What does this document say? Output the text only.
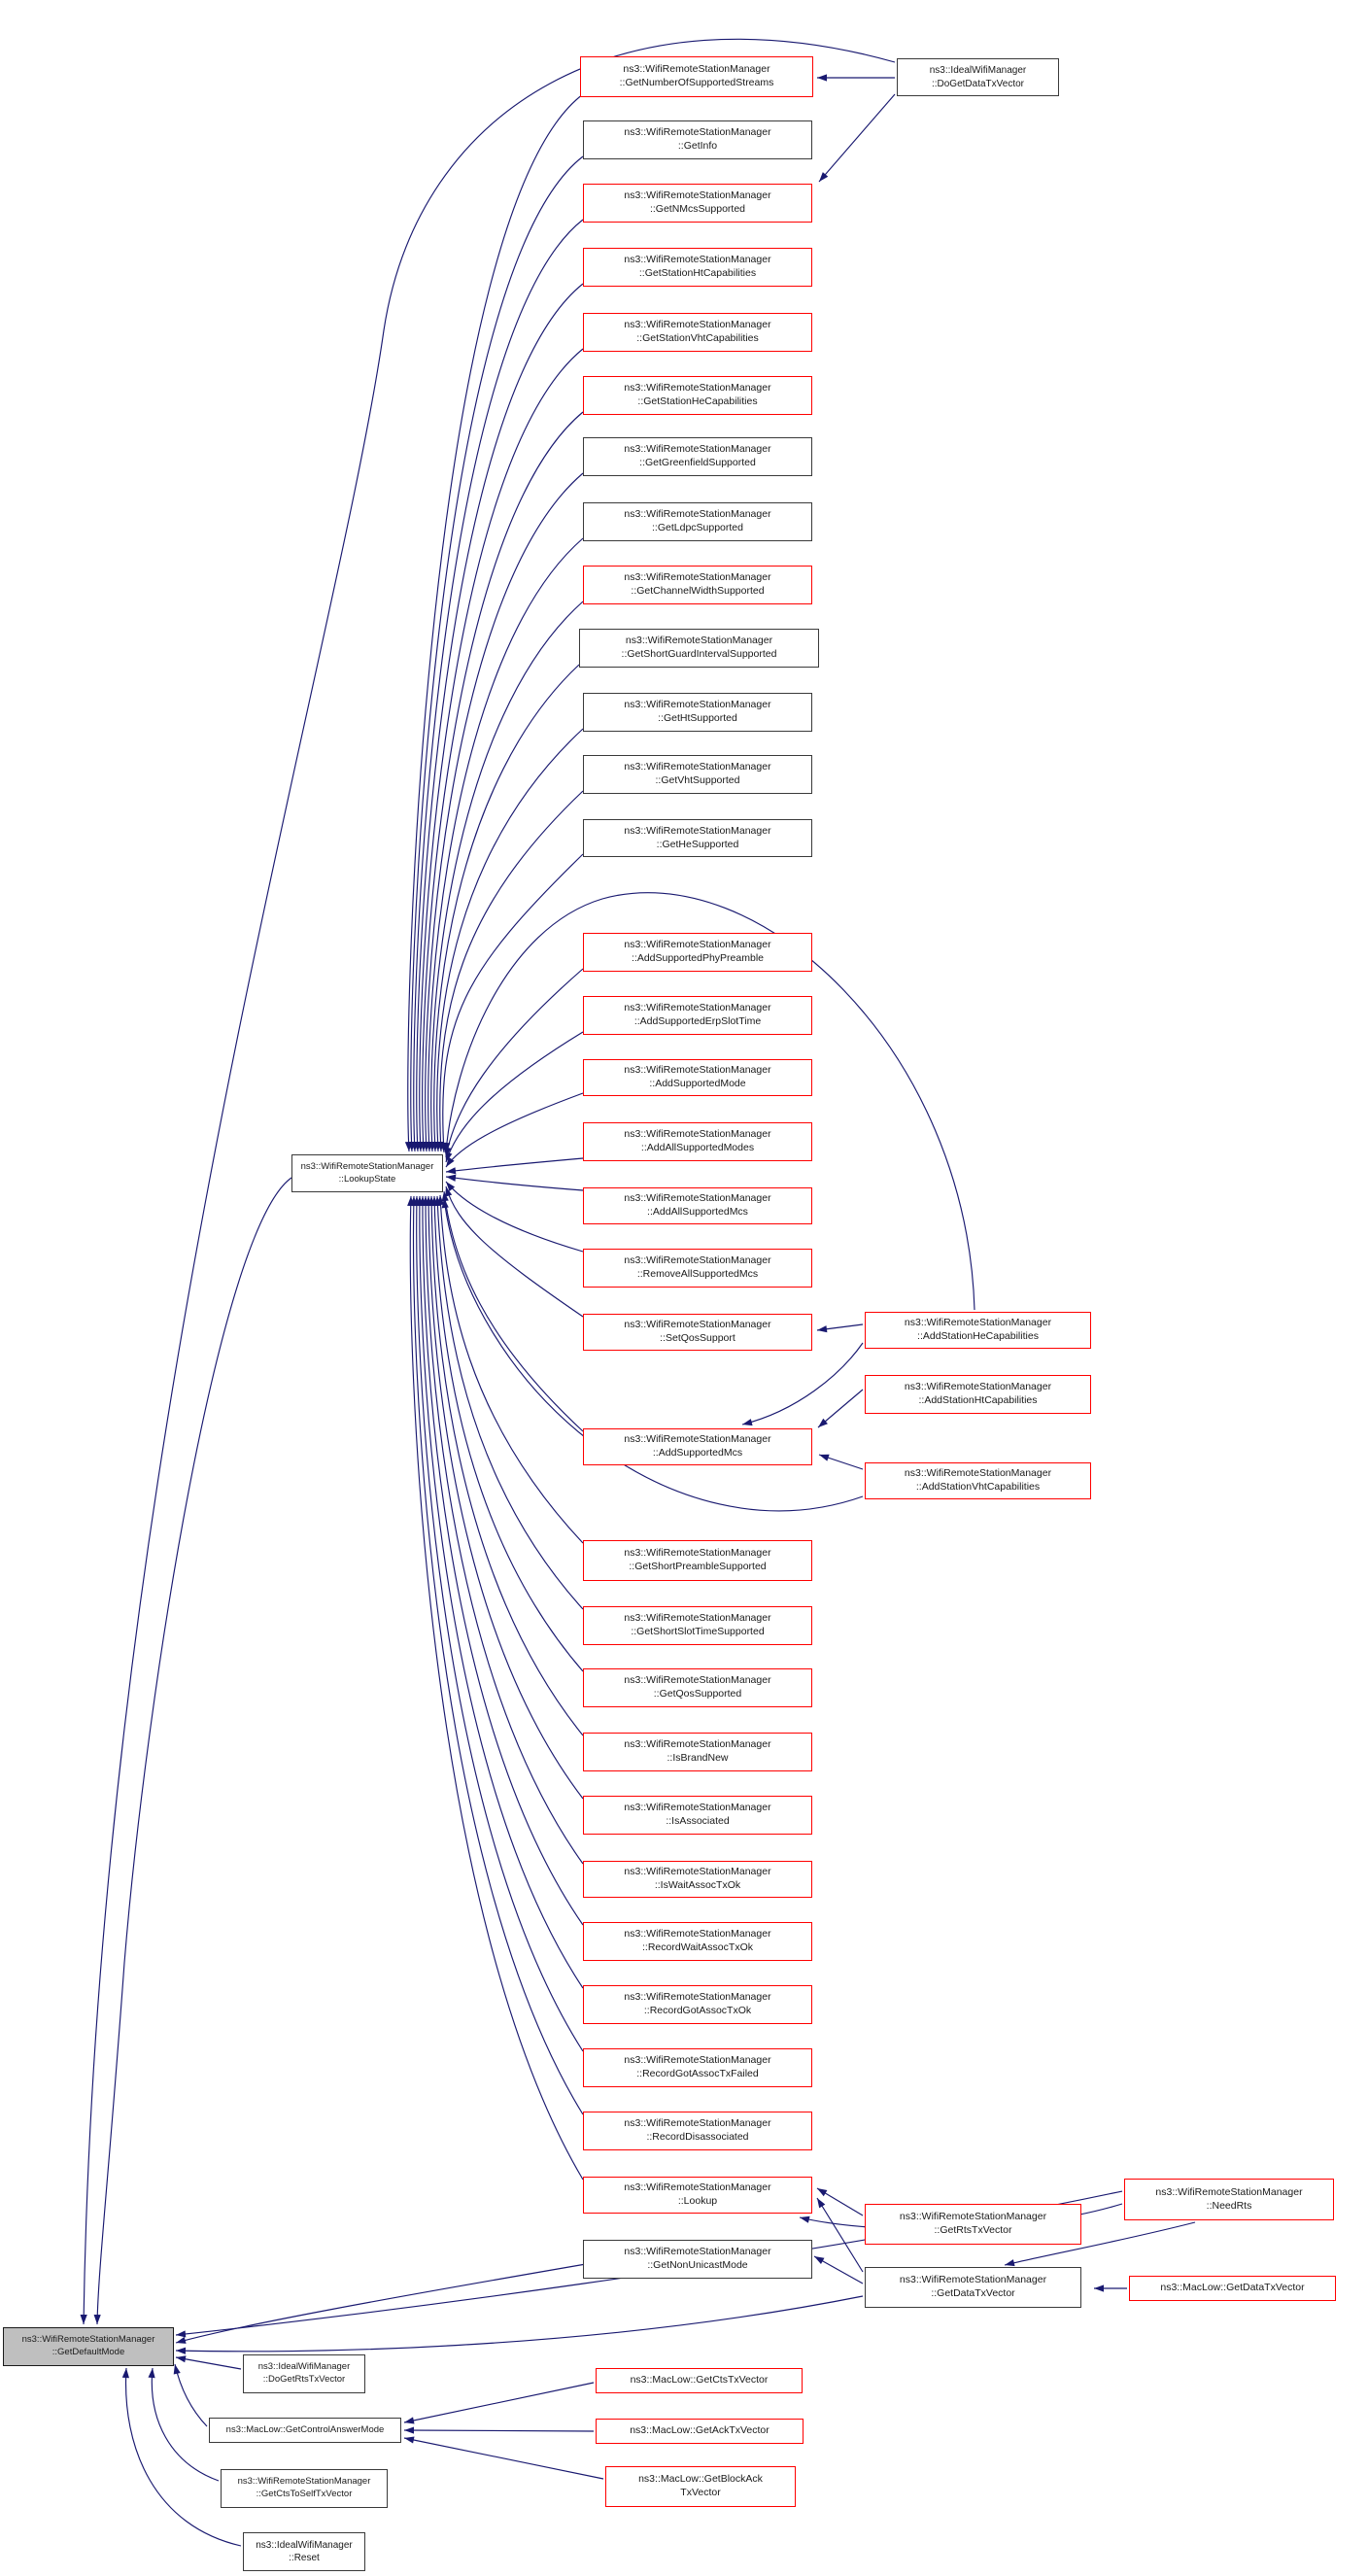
ns3::WifiRemoteStationManager
::GetNumberOfSupportedStreams
ns3::WifiRemoteStationManager
::GetInfo
ns3::WifiRemoteStationManager
::GetNMcsSupported
ns3::WifiRemoteStationManager
::GetStationHtCapabilities
ns3::WifiRemoteStationManager
::GetStationVhtCapabilities
ns3::WifiRemoteStationManager
::GetStationHeCapabilities
ns3::WifiRemoteStationManager
::GetGreenfieldSupported
ns3::WifiRemoteStationManager
::GetLdpcSupported
ns3::WifiRemoteStationManager
::GetChannelWidthSupported
ns3::WifiRemoteStationManager
::GetShortGuardIntervalSupported
ns3::WifiRemoteStationManager
::GetHtSupported
ns3::WifiRemoteStationManager
::GetVhtSupported
ns3::WifiRemoteStationManager
::GetHeSupported
ns3::WifiRemoteStationManager
::AddSupportedPhyPreamble
ns3::WifiRemoteStationManager
::AddSupportedErpSlotTime
ns3::WifiRemoteStationManager
::AddSupportedMode
ns3::WifiRemoteStationManager
::AddAllSupportedModes
ns3::WifiRemoteStationManager
::AddAllSupportedMcs
ns3::WifiRemoteStationManager
::RemoveAllSupportedMcs
ns3::WifiRemoteStationManager
::SetQosSupport
ns3::WifiRemoteStationManager
::AddSupportedMcs
ns3::WifiRemoteStationManager
::GetShortPreambleSupported
ns3::WifiRemoteStationManager
::GetShortSlotTimeSupported
ns3::WifiRemoteStationManager
::GetQosSupported
ns3::WifiRemoteStationManager
::IsBrandNew
ns3::WifiRemoteStationManager
::IsAssociated
ns3::WifiRemoteStationManager
::IsWaitAssocTxOk
ns3::WifiRemoteStationManager
::RecordWaitAssocTxOk
ns3::WifiRemoteStationManager
::RecordGotAssocTxOk
ns3::WifiRemoteStationManager
::RecordGotAssocTxFailed
ns3::WifiRemoteStationManager
::RecordDisassociated
ns3::WifiRemoteStationManager
::Lookup
ns3::WifiRemoteStationManager
::GetNonUnicastMode
ns3::WifiRemoteStationManager
::AddStationHeCapabilities
ns3::WifiRemoteStationManager
::AddStationHtCapabilities
ns3::WifiRemoteStationManager
::AddStationVhtCapabilities
ns3::WifiRemoteStationManager
::GetRtsTxVector
ns3::WifiRemoteStationManager
::GetDataTxVector
ns3::WifiRemoteStationManager
::NeedRts
ns3::MacLow::GetDataTxVector
ns3::IdealWifiManager
::DoGetDataTxVector
ns3::WifiRemoteStationManager
::LookupState
ns3::WifiRemoteStationManager
::GetDefaultMode
ns3::IdealWifiManager
::DoGetRtsTxVector	ns3::MacLow::GetCtsTxVector
ns3::MacLow::GetControlAnswerMode	ns3::MacLow::GetAckTxVector
ns3::WifiRemoteStationManager
::GetCtsToSelfTxVector
ns3::MacLow::GetBlockAck
TxVector
ns3::IdealWifiManager
::Reset
